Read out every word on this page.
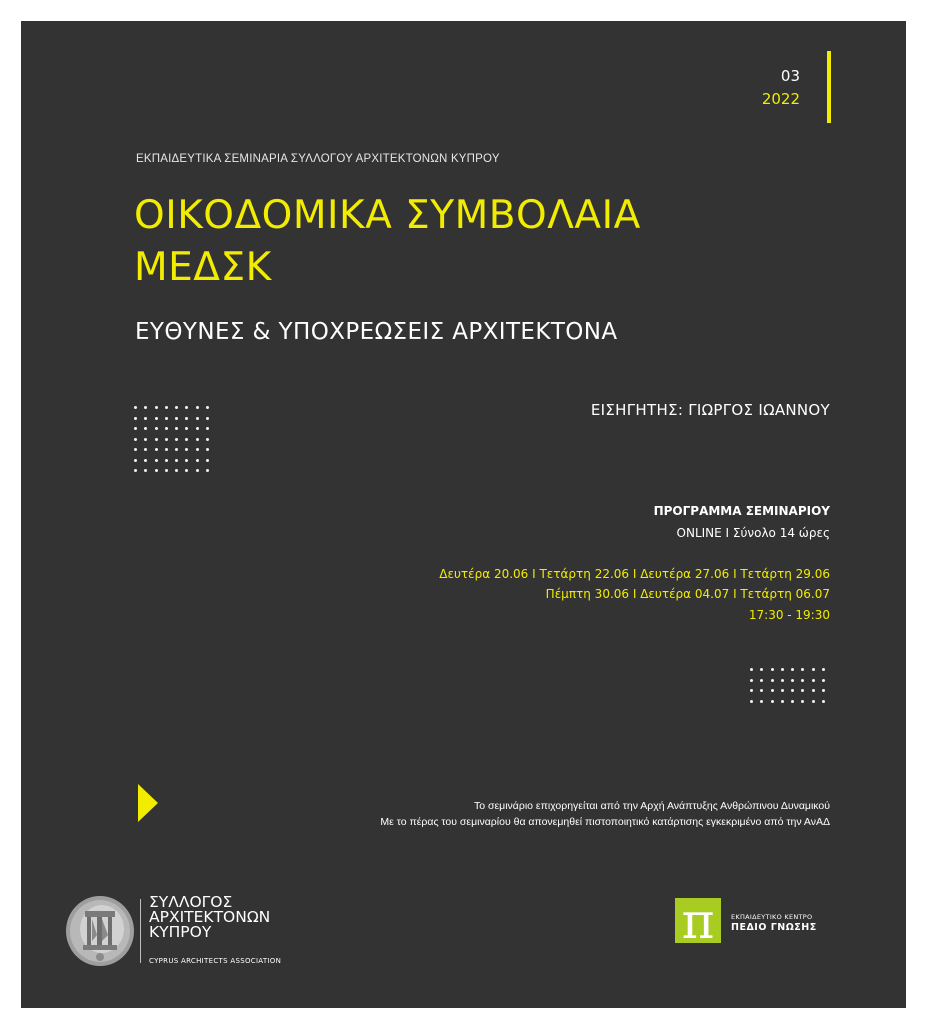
03
2022
ΕΚΠΑΙΔΕΥΤΙΚΑ ΣΕΜΙΝΑΡΙΑ ΣΥΛΛΟΓΟΥ ΑΡΧΙΤΕΚΤΟΝΩΝ ΚΥΠΡΟΥ
ΟΙΚΟΔΟΜΙΚΑ ΣΥΜΒΟΛΑΙΑ
ΜΕΔΣΚ
ΕΥΘΥΝΕΣ & ΥΠΟΧΡΕΩΣΕΙΣ ΑΡΧΙΤΕΚΤΟΝΑ
ΕΙΣΗΓΗΤΗΣ: ΓΙΩΡΓΟΣ ΙΩΑΝΝΟΥ
ΠΡΟΓΡΑΜΜΑ ΣΕΜΙΝΑΡΙΟΥ
ONLINE I Σύνολο 14 ώρες
Δευτέρα 20.06 I Τετάρτη 22.06 I Δευτέρα 27.06 I Τετάρτη 29.06
Πέμπτη 30.06 I Δευτέρα 04.07 I Τετάρτη 06.07
17:30 - 19:30
Το σεμινάριο επιχορηγείται από την Αρχή Ανάπτυξης Ανθρώπινου Δυναμικού
Με το πέρας του σεμιναρίου θα απονεμηθεί πιστοποιητικό κατάρτισης εγκεκριμένο από την ΑνΑΔ
ΣΥΛΛΟΓΟΣ
ΑΡΧΙΤΕΚΤΟΝΩΝ
ΚΥΠΡΟΥ
CYPRUS ARCHITECTS ASSOCIATION
π	ΕΚΠΑΙΔΕΥΤΙΚΟ ΚΕΝΤΡΟ
ΠΕΔΙΟ ΓΝΩΣΗΣ
